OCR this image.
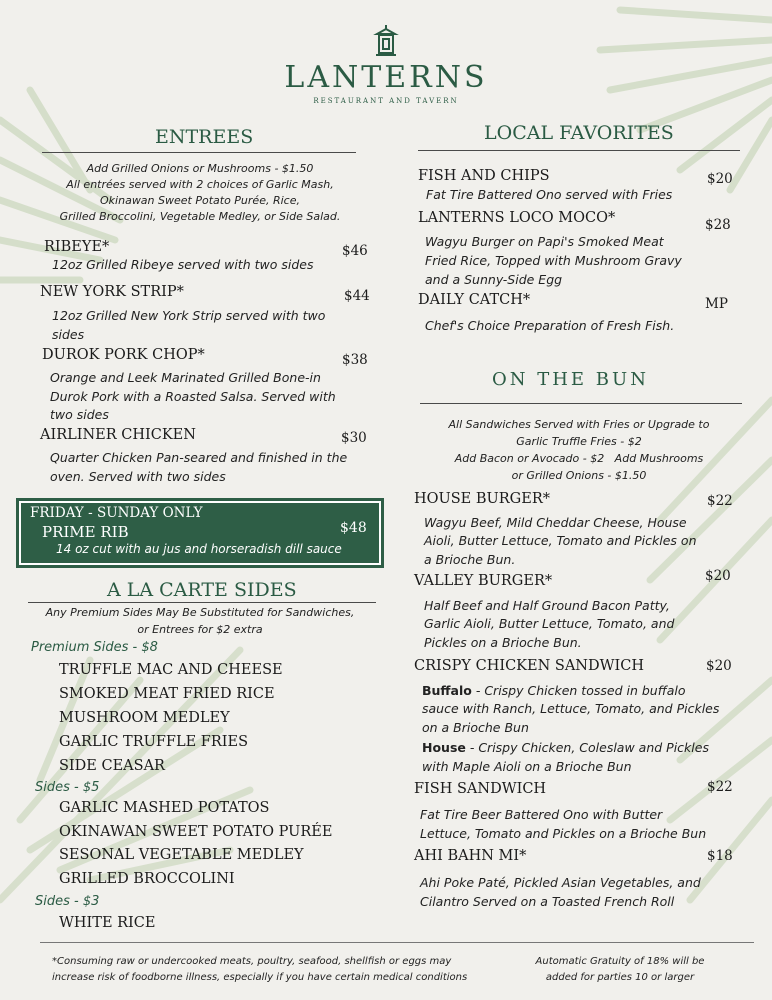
LANTERNS
RESTAURANT AND TAVERN
ENTREES
Add Grilled Onions or Mushrooms - $1.50
All entrées served with 2 choices of Garlic Mash,
Okinawan Sweet Potato Purée, Rice,
Grilled Broccolini, Vegetable Medley, or Side Salad.
RIBEYE*	$46
12oz Grilled Ribeye served with two sides
NEW YORK STRIP*	$44
12oz Grilled New York Strip served with two
sides
DUROK PORK CHOP*	$38
Orange and Leek Marinated Grilled Bone-in
Durok Pork with a Roasted Salsa. Served with
two sides
AIRLINER CHICKEN	$30
Quarter Chicken Pan-seared and finished in the
oven. Served with two sides
FRIDAY - SUNDAY ONLY
PRIME RIB	$48
14 oz cut with au jus and horseradish dill sauce
A LA CARTE SIDES
Any Premium Sides May Be Substituted for Sandwiches,
or Entrees for $2 extra
Premium Sides - $8
TRUFFLE MAC AND CHEESE
SMOKED MEAT FRIED RICE
MUSHROOM MEDLEY
GARLIC TRUFFLE FRIES
SIDE CEASAR
Sides - $5
GARLIC MASHED POTATOS
OKINAWAN SWEET POTATO PURÉE
SESONAL VEGETABLE MEDLEY
GRILLED BROCCOLINI
Sides - $3
WHITE RICE
LOCAL FAVORITES
FISH AND CHIPS	$20
Fat Tire Battered Ono served with Fries
LANTERNS LOCO MOCO*	$28
Wagyu Burger on Papi's Smoked Meat
Fried Rice, Topped with Mushroom Gravy
and a Sunny-Side Egg
DAILY CATCH*	MP
Chef's Choice Preparation of Fresh Fish.
ON THE BUN
All Sandwiches Served with Fries or Upgrade to
Garlic Truffle Fries - $2
Add Bacon or Avocado - $2   Add Mushrooms
or Grilled Onions - $1.50
HOUSE BURGER*	$22
Wagyu Beef, Mild Cheddar Cheese, House
Aioli, Butter Lettuce, Tomato and Pickles on
a Brioche Bun.
VALLEY BURGER*	$20
Half Beef and Half Ground Bacon Patty,
Garlic Aioli, Butter Lettuce, Tomato, and
Pickles on a Brioche Bun.
CRISPY CHICKEN SANDWICH	$20
Buffalo - Crispy Chicken tossed in buffalo
sauce with Ranch, Lettuce, Tomato, and Pickles
on a Brioche Bun
House - Crispy Chicken, Coleslaw and Pickles
with Maple Aioli on a Brioche Bun
FISH SANDWICH	$22
Fat Tire Beer Battered Ono with Butter
Lettuce, Tomato and Pickles on a Brioche Bun
AHI BAHN MI*	$18
Ahi Poke Paté, Pickled Asian Vegetables, and
Cilantro Served on a Toasted French Roll
*Consuming raw or undercooked meats, poultry, seafood, shellfish or eggs may
increase risk of foodborne illness, especially if you have certain medical conditions
Automatic Gratuity of 18% will be
added for parties 10 or larger
